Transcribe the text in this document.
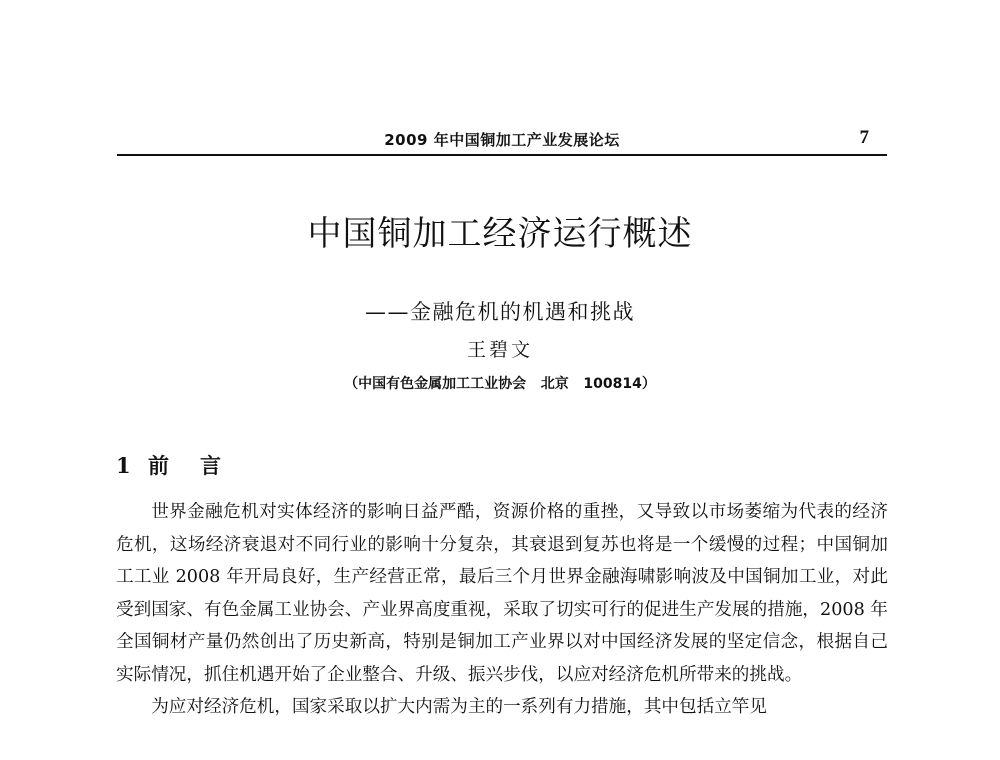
2009 年中国铜加工产业发展论坛	7
中国铜加工经济运行概述
——金融危机的机遇和挑战
王碧文
（中国有色金属加工工业协会   北京   100814）
1 前 言

世界金融危机对实体经济的影响日益严酷，资源价格的重挫，又导致以市场萎缩为代表的经济危机，这场经济衰退对不同行业的影响十分复杂，其衰退到复苏也将是一个缓慢的过程；中国铜加工工业 2008 年开局良好，生产经营正常，最后三个月世界金融海啸影响波及中国铜加工业，对此受到国家、有色金属工业协会、产业界高度重视，采取了切实可行的促进生产发展的措施，2008 年全国铜材产量仍然创出了历史新高，特别是铜加工产业界以对中国经济发展的坚定信念，根据自己实际情况，抓住机遇开始了企业整合、升级、振兴步伐，以应对经济危机所带来的挑战。

为应对经济危机，国家采取以扩大内需为主的一系列有力措施，其中包括立竿见
